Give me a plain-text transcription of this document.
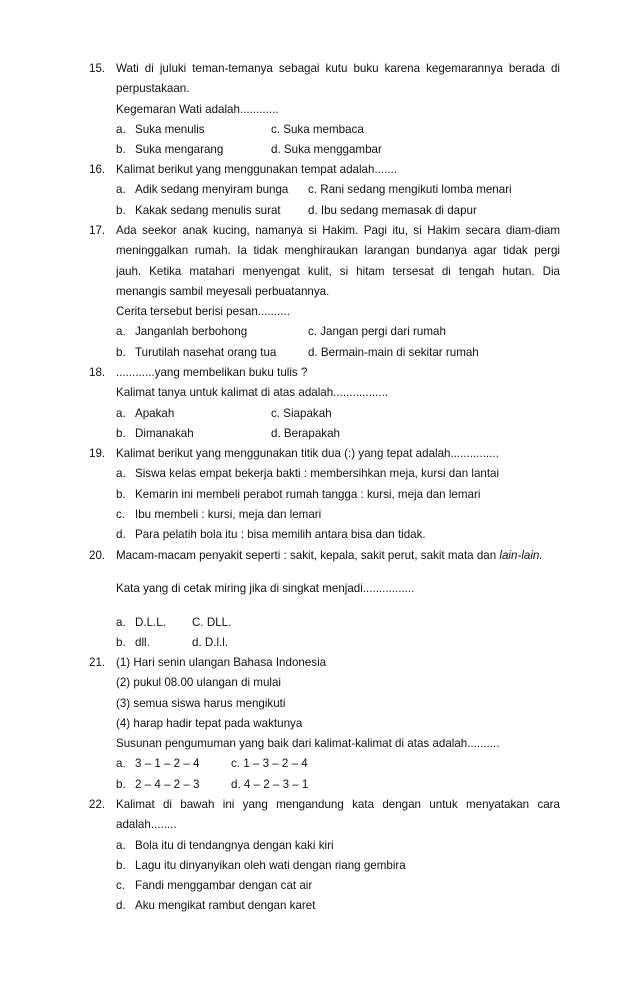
15. Wati di juluki teman-temanya sebagai kutu buku karena kegemarannya berada di
perpustakaan.
Kegemaran Wati adalah............
a. Suka menulis	c. Suka membaca
b. Suka mengarang	d. Suka menggambar
16. Kalimat berikut yang menggunakan tempat adalah.......
a. Adik sedang menyiram bunga c. Rani sedang mengikuti lomba menari
b. Kakak sedang menulis surat d. Ibu sedang memasak di dapur
17. Ada seekor anak kucing, namanya si Hakim. Pagi itu, si Hakim secara diam-diam
meninggalkan rumah. Ia tidak menghiraukan larangan bundanya agar tidak pergi
jauh. Ketika matahari menyengat kulit, si hitam tersesat di tengah hutan. Dia
menangis sambil meyesali perbuatannya.
Cerita tersebut berisi pesan..........
a. Janganlah berbohong	c. Jangan pergi dari rumah
b. Turutilah nasehat orang tua	d. Bermain-main di sekitar rumah
18. ............yang membelikan buku tulis ?
Kalimat tanya untuk kalimat di atas adalah.................
a. Apakah	c. Siapakah
b. Dimanakah	d. Berapakah
19. Kalimat berikut yang menggunakan titik dua (:) yang tepat adalah...............
a. Siswa kelas empat bekerja bakti : membersihkan meja, kursi dan lantai
b. Kemarin ini membeli perabot rumah tangga : kursi, meja dan lemari
c. Ibu membeli : kursi, meja dan lemari
d. Para pelatih bola itu : bisa memilih antara bisa dan tidak.
20. Macam-macam penyakit seperti : sakit, kepala, sakit perut, sakit mata dan lain-lain.
Kata yang di cetak miring jika di singkat menjadi................
a. D.L.L. C. DLL.
b. dll.	d. D.l.l.
21. (1) Hari senin ulangan Bahasa Indonesia
(2) pukul 08.00 ulangan di mulai
(3) semua siswa harus mengikuti
(4) harap hadir tepat pada waktunya
Susunan pengumuman yang baik dari kalimat-kalimat di atas adalah..........
a. 3 – 1 – 2 – 4	c. 1 – 3 – 2 – 4
b. 2 – 4 – 2 – 3	d. 4 – 2 – 3 – 1
22. Kalimat di bawah ini yang mengandung kata dengan untuk menyatakan cara
adalah........
a. Bola itu di tendangnya dengan kaki kiri
b. Lagu itu dinyanyikan oleh wati dengan riang gembira
c. Fandi menggambar dengan cat air
d. Aku mengikat rambut dengan karet
